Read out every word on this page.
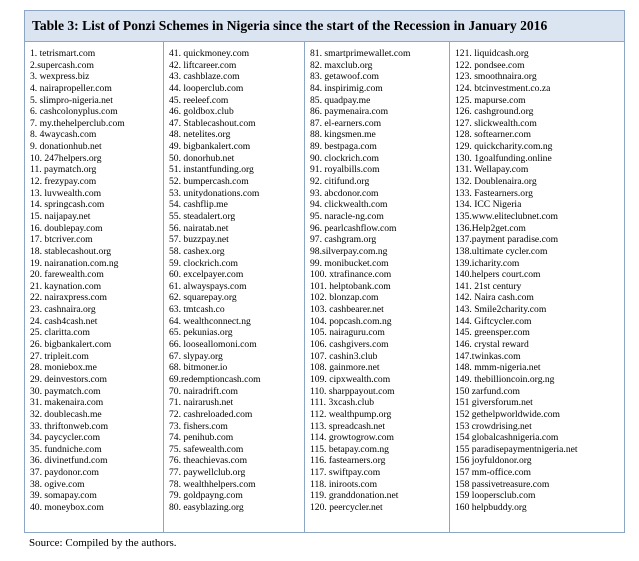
Table 3: List of Ponzi Schemes in Nigeria since the start of the Recession in January 2016
1. tetrismart.com
2.supercash.com
3. wexpress.biz
4. nairapropeller.com
5. slimpro-nigeria.net
6. cashcolonyplus.com
7. my.thehelperclub.com
8. 4waycash.com
9. donationhub.net
10. 247helpers.org
11. paymatch.org
12. frezypay.com
13. luvwealth.com
14. springcash.com
15. naijapay.net
16. doublepay.com
17. btcriver.com
18. stablecashout.org
19. nairanation.com.ng
20. farewealth.com
21. kaynation.com
22. nairaxpress.com
23. cashnaira.org
24. cash4cash.net
25. claritta.com
26. bigbankalert.com
27. tripleit.com
28. moniebox.me
29. deinvestors.com
30. paymatch.com
31. makenaira.com
32. doublecash.me
33. thriftonweb.com
34. paycycler.com
35. fundniche.com
36. divinetfund.com
37. paydonor.com
38. ogive.com
39. somapay.com
40. moneybox.com
41. quickmoney.com
42. liftcareer.com
43. cashblaze.com
44. looperclub.com
45. reeleef.com
46. goldbox.club
47. Stablecashout.com
48. netelites.org
49. bigbankalert.com
50. donorhub.net
51. instantfunding.org
52. bumpercash.com
53. unitydonations.com
54. cashflip.me
55. steadalert.org
56. nairatab.net
57. buzzpay.net
58. cashex.org
59. clockrich.com
60. excelpayer.com
61. alwayspays.com
62. squarepay.org
63. tmtcash.co
64. wealthconnect.ng
65. pekunias.org
66. looseallomoni.com
67. slypay.org
68. bitmoner.io
69.redemptioncash.com
70. nairadrift.com
71. nairarush.net
72. cashreloaded.com
73. fishers.com
74. penihub.com
75. safewealth.com
76. theachievas.com
77. paywellclub.org
78. wealthhelpers.com
79. goldpayng.com
80. easyblazing.org
81. smartprimewallet.com
82. maxclub.org
83. getawoof.com
84. inspirimig.com
85. quadpay.me
86. paymenaira.com
87. el-earners.com
88. kingsmen.me
89. bestpaga.com
90. clockrich.com
91. royalbills.com
92. citifund.org
93. abcdonor.com
94. clickwealth.com
95. naracle-ng.com
96. pearlcashflow.com
97. cashgram.org
98.silverpay.com.ng
99. monibucket.com
100. xtrafinance.com
101. helptobank.com
102. blonzap.com
103. cashbearer.net
104. popcash.com.ng
105. nairaguru.com
106. cashgivers.com
107. cashin3.club
108. gainmore.net
109. cipxwealth.com
110. sharppayout.com
111. 3xcash.club
112. wealthpump.org
113. spreadcash.net
114. growtogrow.com
115. betapay.com.ng
116. fastearners.org
117. swiftpay.com
118. iniroots.com
119. granddonation.net
120. peercycler.net
121. liquidcash.org
122. pondsee.com
123. smoothnaira.org
124. btcinvestment.co.za
125. mapurse.com
126. cashground.org
127. slickwealth.com
128. softearner.com
129. quickcharity.com.ng
130. 1goalfunding.online
131. Wellapay.com
132. Doublenaira.org
133. Fastearners.org
134. ICC Nigeria
135.www.eliteclubnet.com
136.Help2get.com
137.payment paradise.com
138.ultimate cycler.com
139.icharity.com
140.helpers court.com
141. 21st century
142. Naira cash.com
143. Smile2charity.com
144. Giftcycler.com
145. greensper.com
146. crystal reward
147.twinkas.com
148. mmm-nigeria.net
149. thebillioncoin.org.ng
150 zarfund.com
151 giversforum.net
152 gethelpworldwide.com
153 crowdrising.net
154 globalcashnigeria.com
155 paradisepaymentnigeria.net
156 joyfuldonor.org
157 mm-office.com
158 passivetreasure.com
159 loopersclub.com
160 helpbuddy.org
Source: Compiled by the authors.
